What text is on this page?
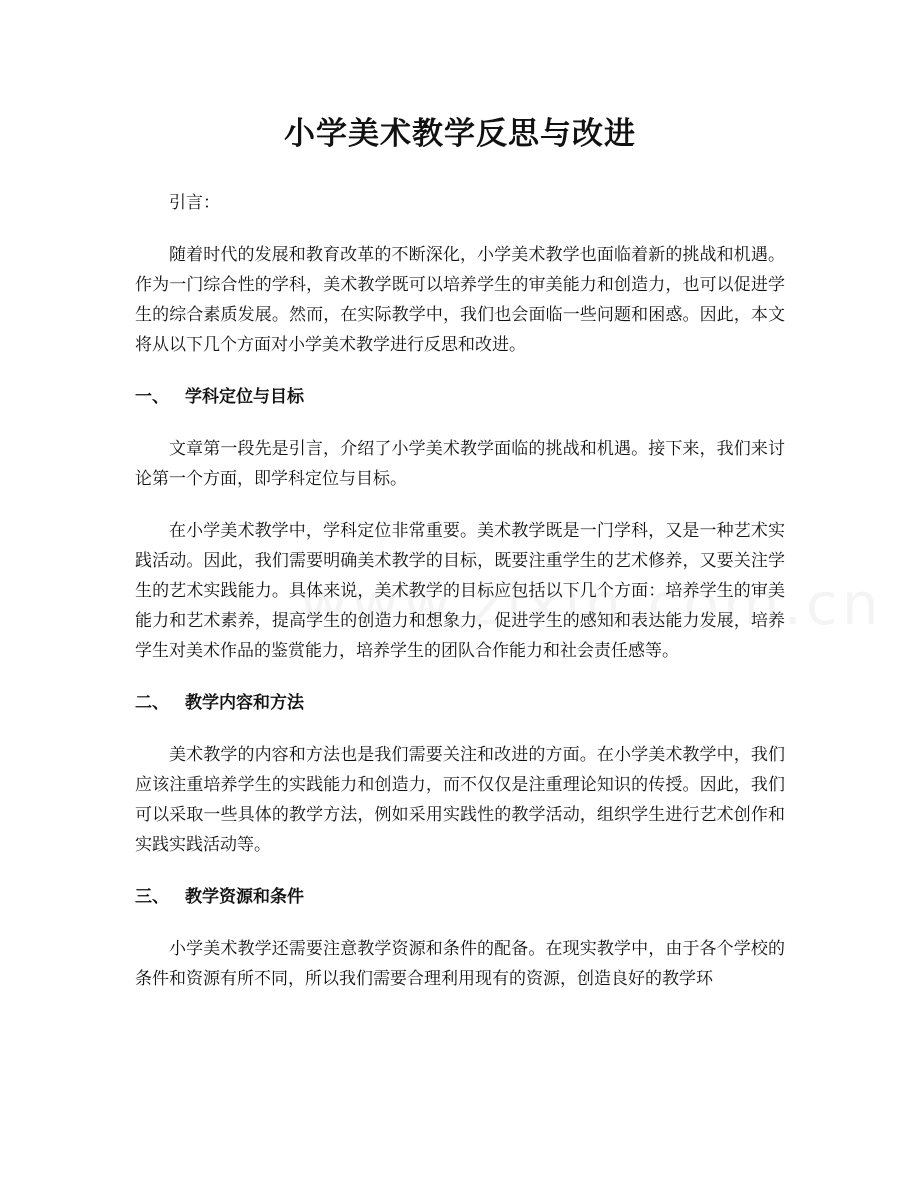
小学美术教学反思与改进

引言：

随着时代的发展和教育改革的不断深化，小学美术教学也面临着新的挑战和机遇。作为一门综合性的学科，美术教学既可以培养学生的审美能力和创造力，也可以促进学生的综合素质发展。然而，在实际教学中，我们也会面临一些问题和困惑。因此，本文将从以下几个方面对小学美术教学进行反思和改进。

一、 学科定位与目标

文章第一段先是引言，介绍了小学美术教学面临的挑战和机遇。接下来，我们来讨论第一个方面，即学科定位与目标。

在小学美术教学中，学科定位非常重要。美术教学既是一门学科，又是一种艺术实践活动。因此，我们需要明确美术教学的目标，既要注重学生的艺术修养，又要关注学生的艺术实践能力。具体来说，美术教学的目标应包括以下几个方面：培养学生的审美能力和艺术素养，提高学生的创造力和想象力，促进学生的感知和表达能力发展，培养学生对美术作品的鉴赏能力，培养学生的团队合作能力和社会责任感等。

二、 教学内容和方法

美术教学的内容和方法也是我们需要关注和改进的方面。在小学美术教学中，我们应该注重培养学生的实践能力和创造力，而不仅仅是注重理论知识的传授。因此，我们可以采取一些具体的教学方法，例如采用实践性的教学活动，组织学生进行艺术创作和实践实践活动等。

三、 教学资源和条件

小学美术教学还需要注意教学资源和条件的配备。在现实教学中，由于各个学校的条件和资源有所不同，所以我们需要合理利用现有的资源，创造良好的教学环
